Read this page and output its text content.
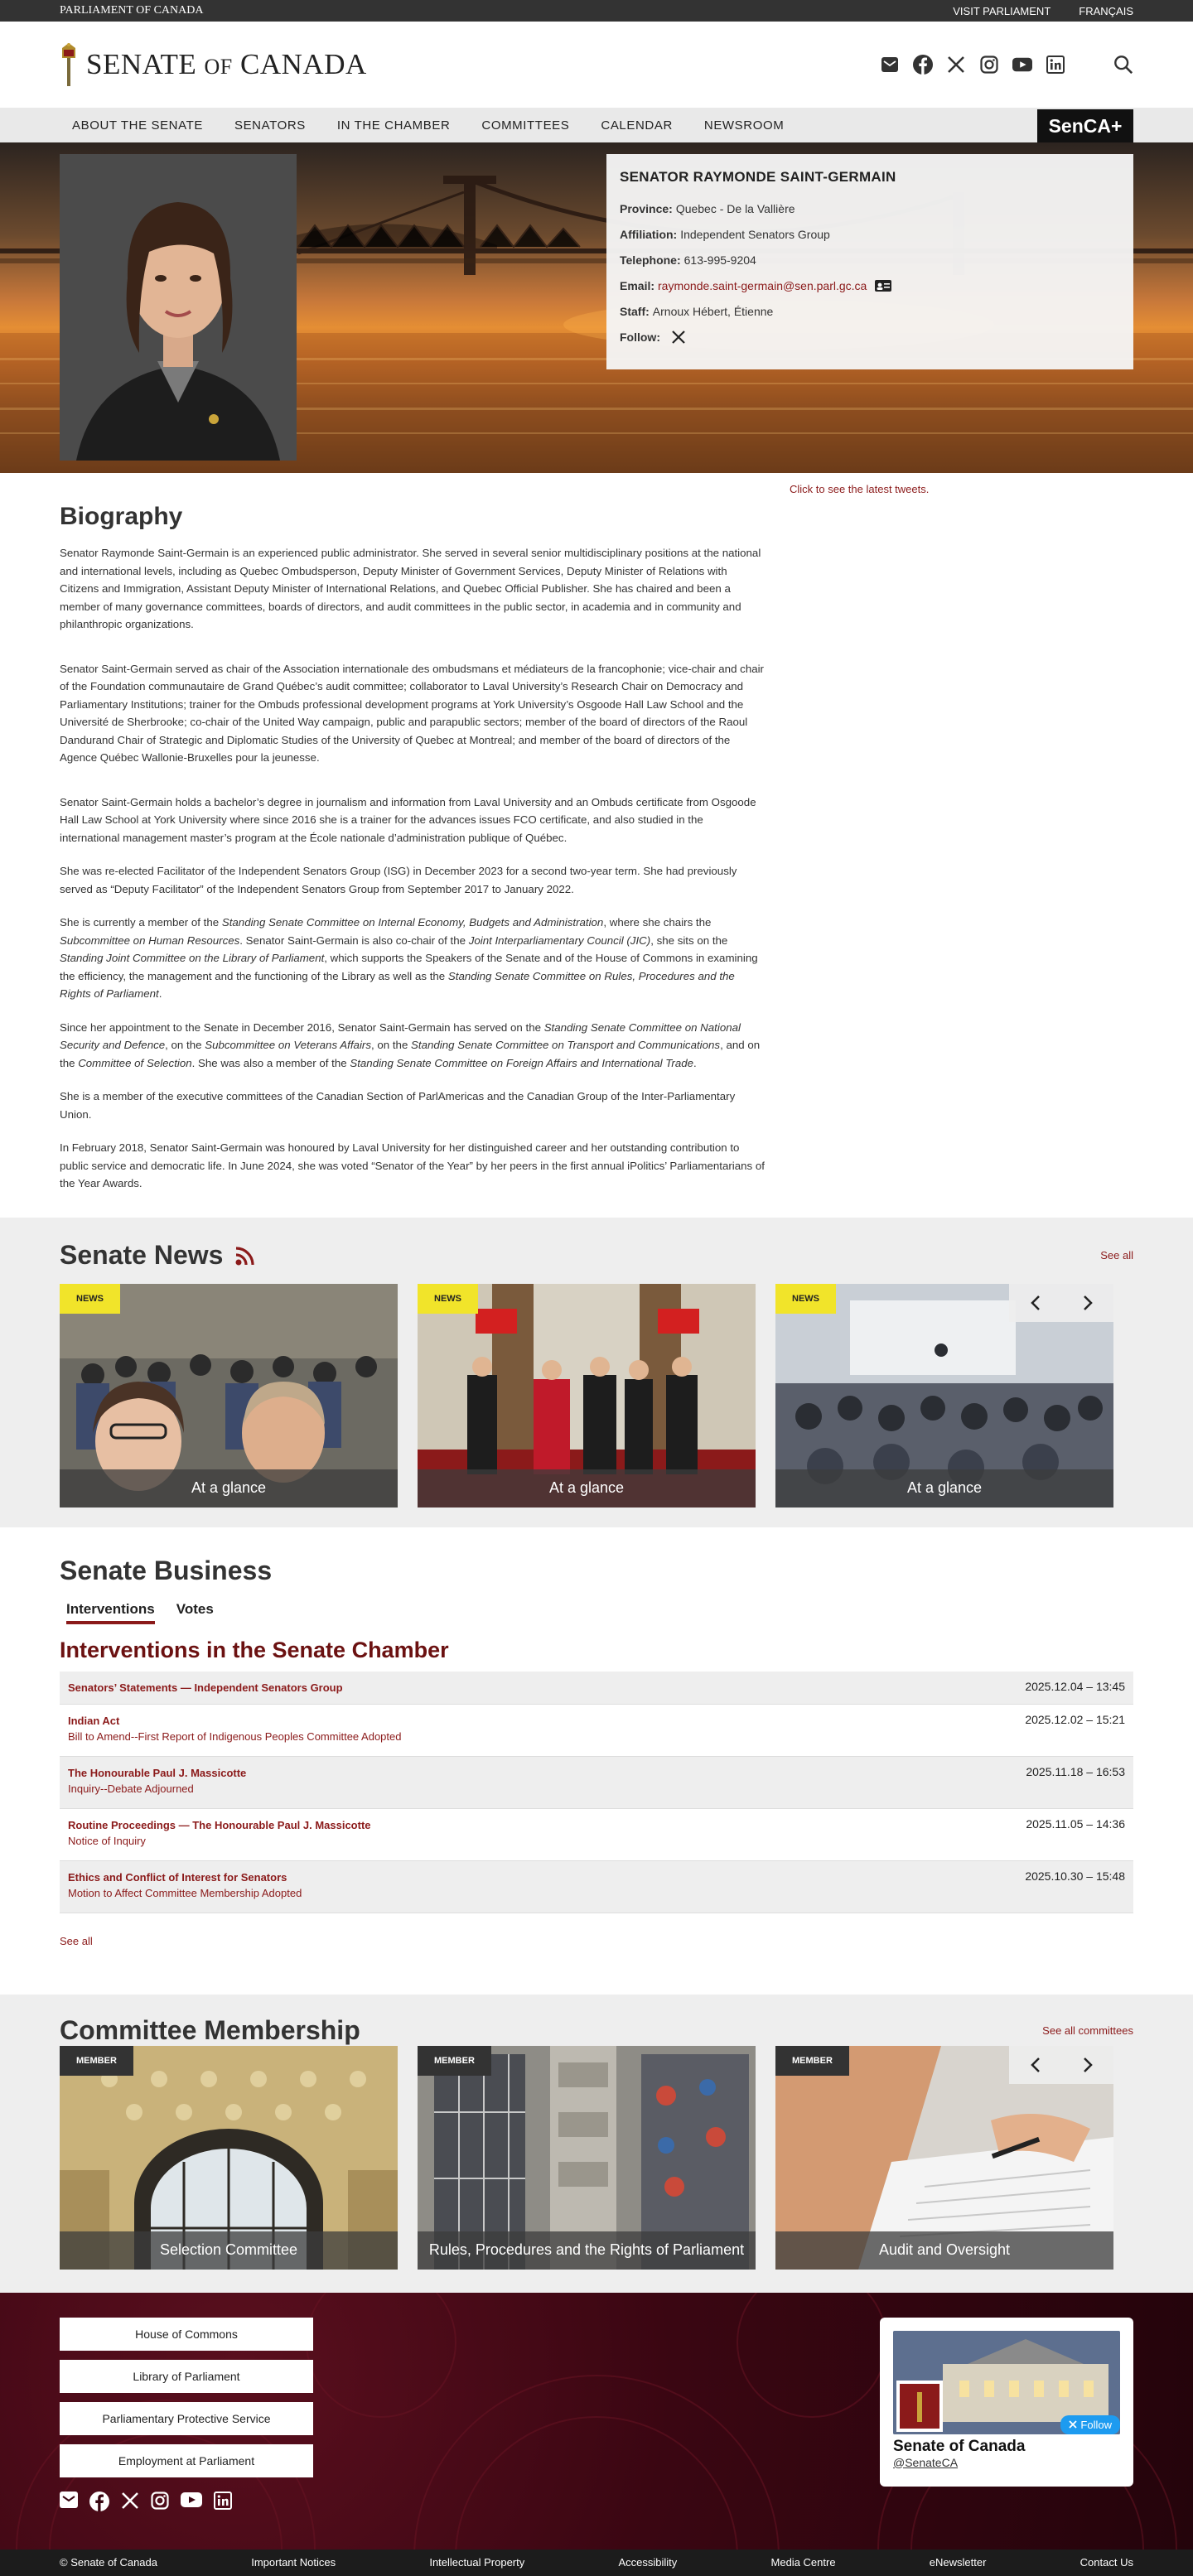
PARLIAMENT OF CANADA	VISIT PARLIAMENT	FRANÇAIS
SENATE OF CANADA
ABOUT THE SENATE	SENATORS	IN THE CHAMBER	COMMITTEES	CALENDAR	NEWSROOM	SenCA+
SENATOR RAYMONDE SAINT-GERMAIN
Province: Quebec - De la Vallière
Affiliation: Independent Senators Group
Telephone: 613-995-9204
Email: raymonde.saint-germain@sen.parl.gc.ca
Staff: Arnoux Hébert, Étienne
Follow:
Click to see the latest tweets.
Biography

Senator Raymonde Saint-Germain is an experienced public administrator. She served in several senior multidisciplinary positions at the national and international levels, including as Quebec Ombudsperson, Deputy Minister of Government Services, Deputy Minister of Relations with Citizens and Immigration, Assistant Deputy Minister of International Relations, and Quebec Official Publisher. She has chaired and been a member of many governance committees, boards of directors, and audit committees in the public sector, in academia and in community and philanthropic organizations.

Senator Saint-Germain served as chair of the Association internationale des ombudsmans et médiateurs de la francophonie; vice-chair and chair of the Foundation communautaire de Grand Québec’s audit committee; collaborator to Laval University’s Research Chair on Democracy and Parliamentary Institutions; trainer for the Ombuds professional development programs at York University’s Osgoode Hall Law School and the Université de Sherbrooke; co-chair of the United Way campaign, public and parapublic sectors; member of the board of directors of the Raoul Dandurand Chair of Strategic and Diplomatic Studies of the University of Quebec at Montreal; and member of the board of directors of the Agence Québec Wallonie-Bruxelles pour la jeunesse.

Senator Saint-Germain holds a bachelor’s degree in journalism and information from Laval University and an Ombuds certificate from Osgoode Hall Law School at York University where since 2016 she is a trainer for the advances issues FCO certificate, and also studied in the international management master’s program at the École nationale d’administration publique of Québec.

She was re-elected Facilitator of the Independent Senators Group (ISG) in December 2023 for a second two-year term. She had previously served as “Deputy Facilitator” of the Independent Senators Group from September 2017 to January 2022.

She is currently a member of the Standing Senate Committee on Internal Economy, Budgets and Administration, where she chairs the Subcommittee on Human Resources. Senator Saint-Germain is also co-chair of the Joint Interparliamentary Council (JIC), she sits on the Standing Joint Committee on the Library of Parliament, which supports the Speakers of the Senate and of the House of Commons in examining the efficiency, the management and the functioning of the Library as well as the Standing Senate Committee on Rules, Procedures and the Rights of Parliament.

Since her appointment to the Senate in December 2016, Senator Saint-Germain has served on the Standing Senate Committee on National Security and Defence, on the Subcommittee on Veterans Affairs, on the Standing Senate Committee on Transport and Communications, and on the Committee of Selection. She was also a member of the Standing Senate Committee on Foreign Affairs and International Trade.

She is a member of the executive committees of the Canadian Section of ParlAmericas and the Canadian Group of the Inter-Parliamentary Union.

In February 2018, Senator Saint-Germain was honoured by Laval University for her distinguished career and her outstanding contribution to public service and democratic life. In June 2024, she was voted “Senator of the Year” by her peers in the first annual iPolitics’ Parliamentarians of the Year Awards.

Senate News	See all
NEWS
At a glance
NEWS
At a glance
NEWS
At a glance
Senate Business
Interventions Votes
Interventions in the Senate Chamber
Senators’ Statements — Independent Senators Group	2025.12.04 – 13:45
Indian Act
Bill to Amend--First Report of Indigenous Peoples Committee Adopted
2025.12.02 – 15:21
The Honourable Paul J. Massicotte
Inquiry--Debate Adjourned
2025.11.18 – 16:53
Routine Proceedings — The Honourable Paul J. Massicotte
Notice of Inquiry
2025.11.05 – 14:36
Ethics and Conflict of Interest for Senators
Motion to Affect Committee Membership Adopted
2025.10.30 – 15:48
See all
Committee Membership	See all committees
MEMBER
Selection Committee
MEMBER
Rules, Procedures and the Rights of Parliament
MEMBER
Audit and Oversight
House of Commons
Library of Parliament
Parliamentary Protective Service
Employment at Parliament
Follow
Senate of Canada
@SenateCA
© Senate of Canada	Important Notices	Intellectual Property	Accessibility	Media Centre	eNewsletter	Contact Us
